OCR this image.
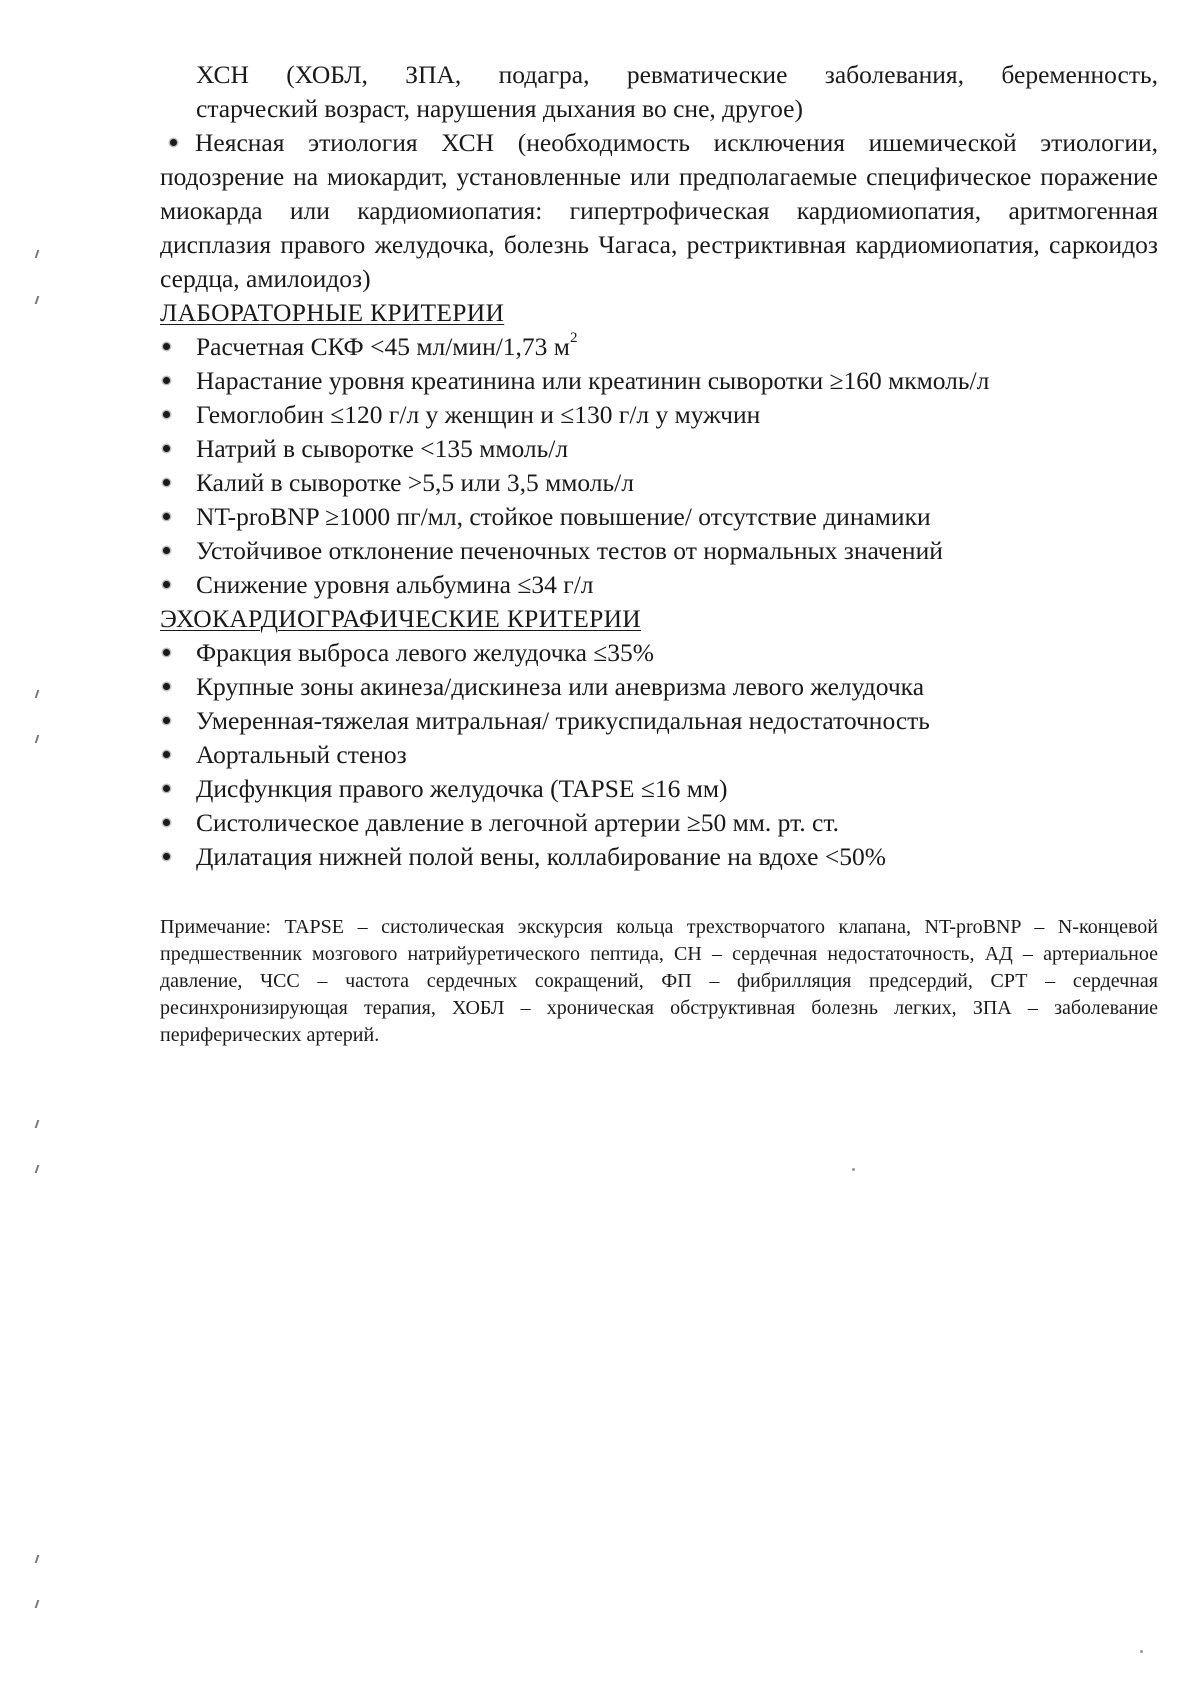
ХСН (ХОБЛ, ЗПА, подагра, ревматические заболевания, беременность,
старческий возраст, нарушения дыхания во сне, другое)
Неясная этиология ХСН (необходимость исключения ишемической этиологии, подозрение на миокардит, установленные или предполагаемые специфическое поражение миокарда или кардиомиопатия: гипертрофическая кардиомиопатия, аритмогенная дисплазия правого желудочка, болезнь Чагаса, рестриктивная кардиомиопатия, саркоидоз сердца, амилоидоз)
ЛАБОРАТОРНЫЕ КРИТЕРИИ
Расчетная СКФ <45 мл/мин/1,73 $м^2$
Нарастание уровня креатинина или креатинин сыворотки ≥160 мкмоль/л
Гемоглобин ≤120 г/л у женщин и ≤130 г/л у мужчин
Натрий в сыворотке <135 ммоль/л
Калий в сыворотке >5,5 или 3,5 ммоль/л
NT-proBNP ≥1000 пг/мл, стойкое повышение/ отсутствие динамики
Устойчивое отклонение печеночных тестов от нормальных значений
Снижение уровня альбумина ≤34 г/л
ЭХОКАРДИОГРАФИЧЕСКИЕ КРИТЕРИИ
Фракция выброса левого желудочка ≤35%
Крупные зоны акинеза/дискинеза или аневризма левого желудочка
Умеренная-тяжелая митральная/ трикуспидальная недостаточность
Аортальный стеноз
Дисфункция правого желудочка (TAPSE ≤16 мм)
Систолическое давление в легочной артерии ≥50 мм. рт. ст.
Дилатация нижней полой вены, коллабирование на вдохе <50%
Примечание: TAPSE – систолическая экскурсия кольца трехстворчатого клапана, NT-proBNP – N-концевой предшественник мозгового натрийуретического пептида, СН – сердечная недостаточность, АД – артериальное давление, ЧСС – частота сердечных сокращений, ФП – фибрилляция предсердий, СРТ – сердечная ресинхронизирующая терапия, ХОБЛ – хроническая обструктивная болезнь легких, ЗПА – заболевание периферических артерий.
